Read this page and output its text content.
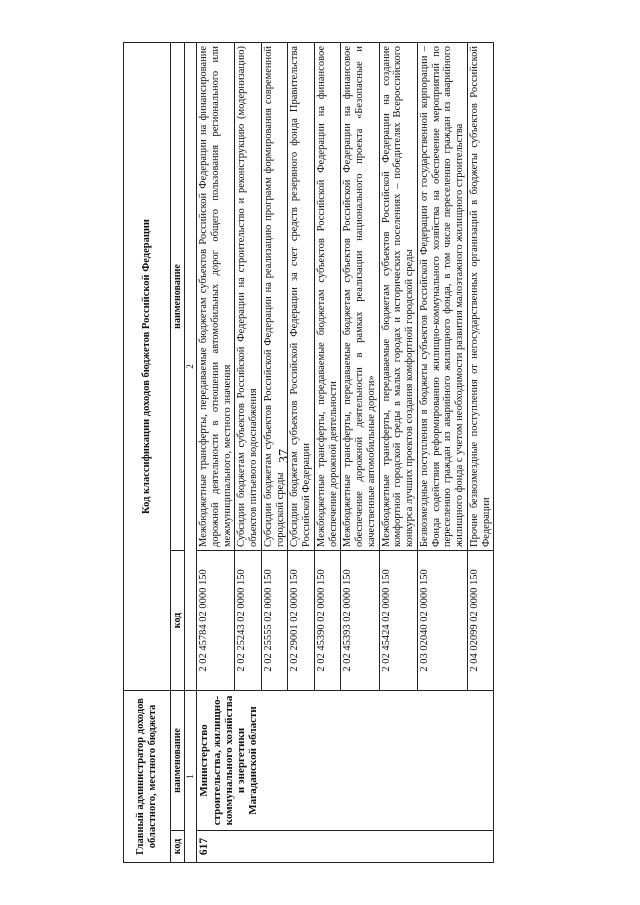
37
Главный администратор доходов областного, местного бюджета		Код классификации доходов бюджетов Российской Федерации	
код	наименование	код	наименование
1		2	
617	Министерство строительства, жилищно-коммунального хозяйства и энергетики Магаданской области	2 02 45784 02 0000 150	Межбюджетные трансферты, передаваемые бюджетам субъектов Российской Федерации на финансирование дорожной деятельности в отношении автомобильных дорог общего пользования регионального или межмуниципального, местного значения
		2 02 25243 02 0000 150	Субсидии бюджетам субъектов Российской Федерации на строительство и реконструкцию (модернизацию) объектов питьевого водоснабжения
		2 02 25555 02 0000 150	Субсидии бюджетам субъектов Российской Федерации на реализацию программ формирования современной городской среды
		2 02 29001 02 0000 150	Субсидии бюджетам субъектов Российской Федерации за счет средств резервного фонда Правительства Российской Федерации
		2 02 45390 02 0000 150	Межбюджетные трансферты, передаваемые бюджетам субъектов Российской Федерации на финансовое обеспечение дорожной деятельности
		2 02 45393 02 0000 150	Межбюджетные трансферты, передаваемые бюджетам субъектов Российской Федерации на финансовое обеспечение дорожной деятельности в рамках реализации национального проекта «Безопасные и качественные автомобильные дороги»
		2 02 45424 02 0000 150	Межбюджетные трансферты, передаваемые бюджетам субъектов Российской Федерации на создание комфортной городской среды в малых городах и исторических поселениях – победителях Всероссийского конкурса лучших проектов создания комфортной городской среды
		2 03 02040 02 0000 150	Безвозмездные поступления в бюджеты субъектов Российской Федерации от государственной корпорации – Фонда содействия реформированию жилищно-коммунального хозяйства на обеспечение мероприятий по переселению граждан из аварийного жилищного фонда, в том числе переселению граждан из аварийного жилищного фонда с учетом необходимости развития малоэтажного жилищного строительства
		2 04 02099 02 0000 150	Прочие безвозмездные поступления от негосударственных организаций в бюджеты субъектов Российской Федерации
